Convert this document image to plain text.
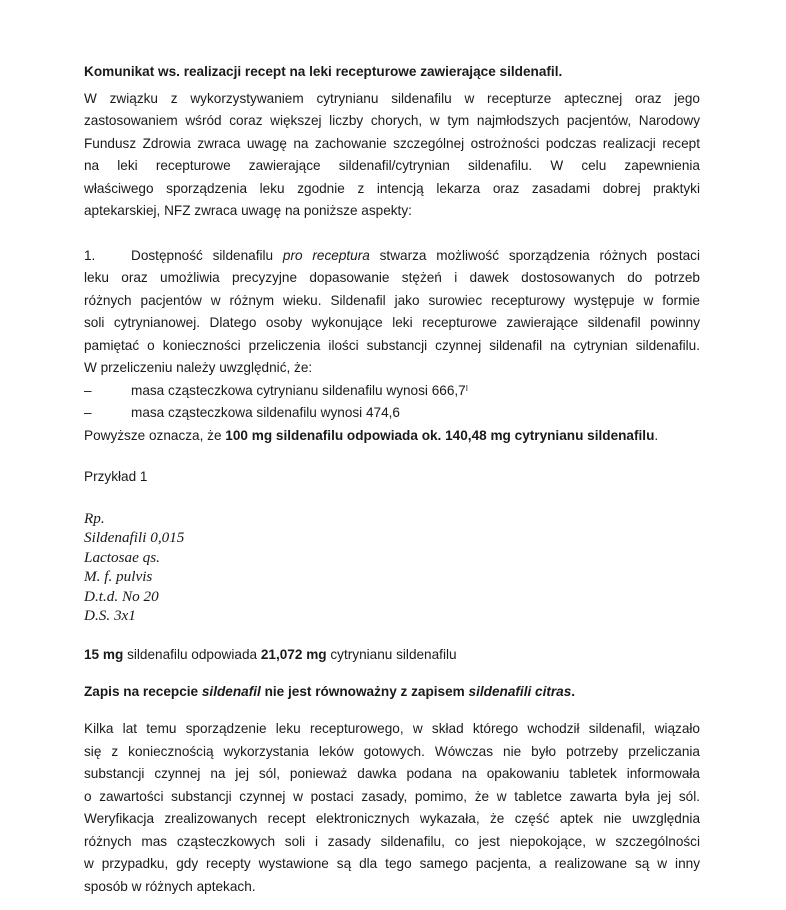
Komunikat ws. realizacji recept na leki recepturowe zawierające sildenafil.

W związku z wykorzystywaniem cytrynianu sildenafilu w recepturze aptecznej oraz jego

zastosowaniem wśród coraz większej liczby chorych, w tym najmłodszych pacjentów, Narodowy

Fundusz Zdrowia zwraca uwagę na zachowanie szczególnej ostrożności podczas realizacji recept

na leki recepturowe zawierające sildenafil/cytrynian sildenafilu. W celu zapewnienia

właściwego sporządzenia leku zgodnie z intencją lekarza oraz zasadami dobrej praktyki

aptekarskiej, NFZ zwraca uwagę na poniższe aspekty:

1.	Dostępność sildenafilu pro receptura stwarza możliwość sporządzenia różnych postaci

leku oraz umożliwia precyzyjne dopasowanie stężeń i dawek dostosowanych do potrzeb

różnych pacjentów w różnym wieku. Sildenafil jako surowiec recepturowy występuje w formie

soli cytrynianowej. Dlatego osoby wykonujące leki recepturowe zawierające sildenafil powinny

pamiętać o konieczności przeliczenia ilości substancji czynnej sildenafil na cytrynian sildenafilu.

W przeliczeniu należy uwzględnić, że:

–	masa cząsteczkowa cytrynianu sildenafilu wynosi 666,7 I

–	masa cząsteczkowa sildenafilu wynosi 474,6

Powyższe oznacza, że 100 mg sildenafilu odpowiada ok. 140,48 mg cytrynianu sildenafilu.

Przykład 1

Rp.

Sildenafili 0,015

Lactosae qs.

M. f. pulvis

D.t.d. No 20

D.S. 3x1

15 mg sildenafilu odpowiada 21,072 mg cytrynianu sildenafilu

Zapis na recepcie sildenafil nie jest równoważny z zapisem sildenafili citras.

Kilka lat temu sporządzenie leku recepturowego, w skład którego wchodził sildenafil, wiązało

się z koniecznością wykorzystania leków gotowych. Wówczas nie było potrzeby przeliczania

substancji czynnej na jej sól, ponieważ dawka podana na opakowaniu tabletek informowała

o zawartości substancji czynnej w postaci zasady, pomimo, że w tabletce zawarta była jej sól.

Weryfikacja zrealizowanych recept elektronicznych wykazała, że część aptek nie uwzględnia

różnych mas cząsteczkowych soli i zasady sildenafilu, co jest niepokojące, w szczególności

w przypadku, gdy recepty wystawione są dla tego samego pacjenta, a realizowane są w inny

sposób w różnych aptekach.
